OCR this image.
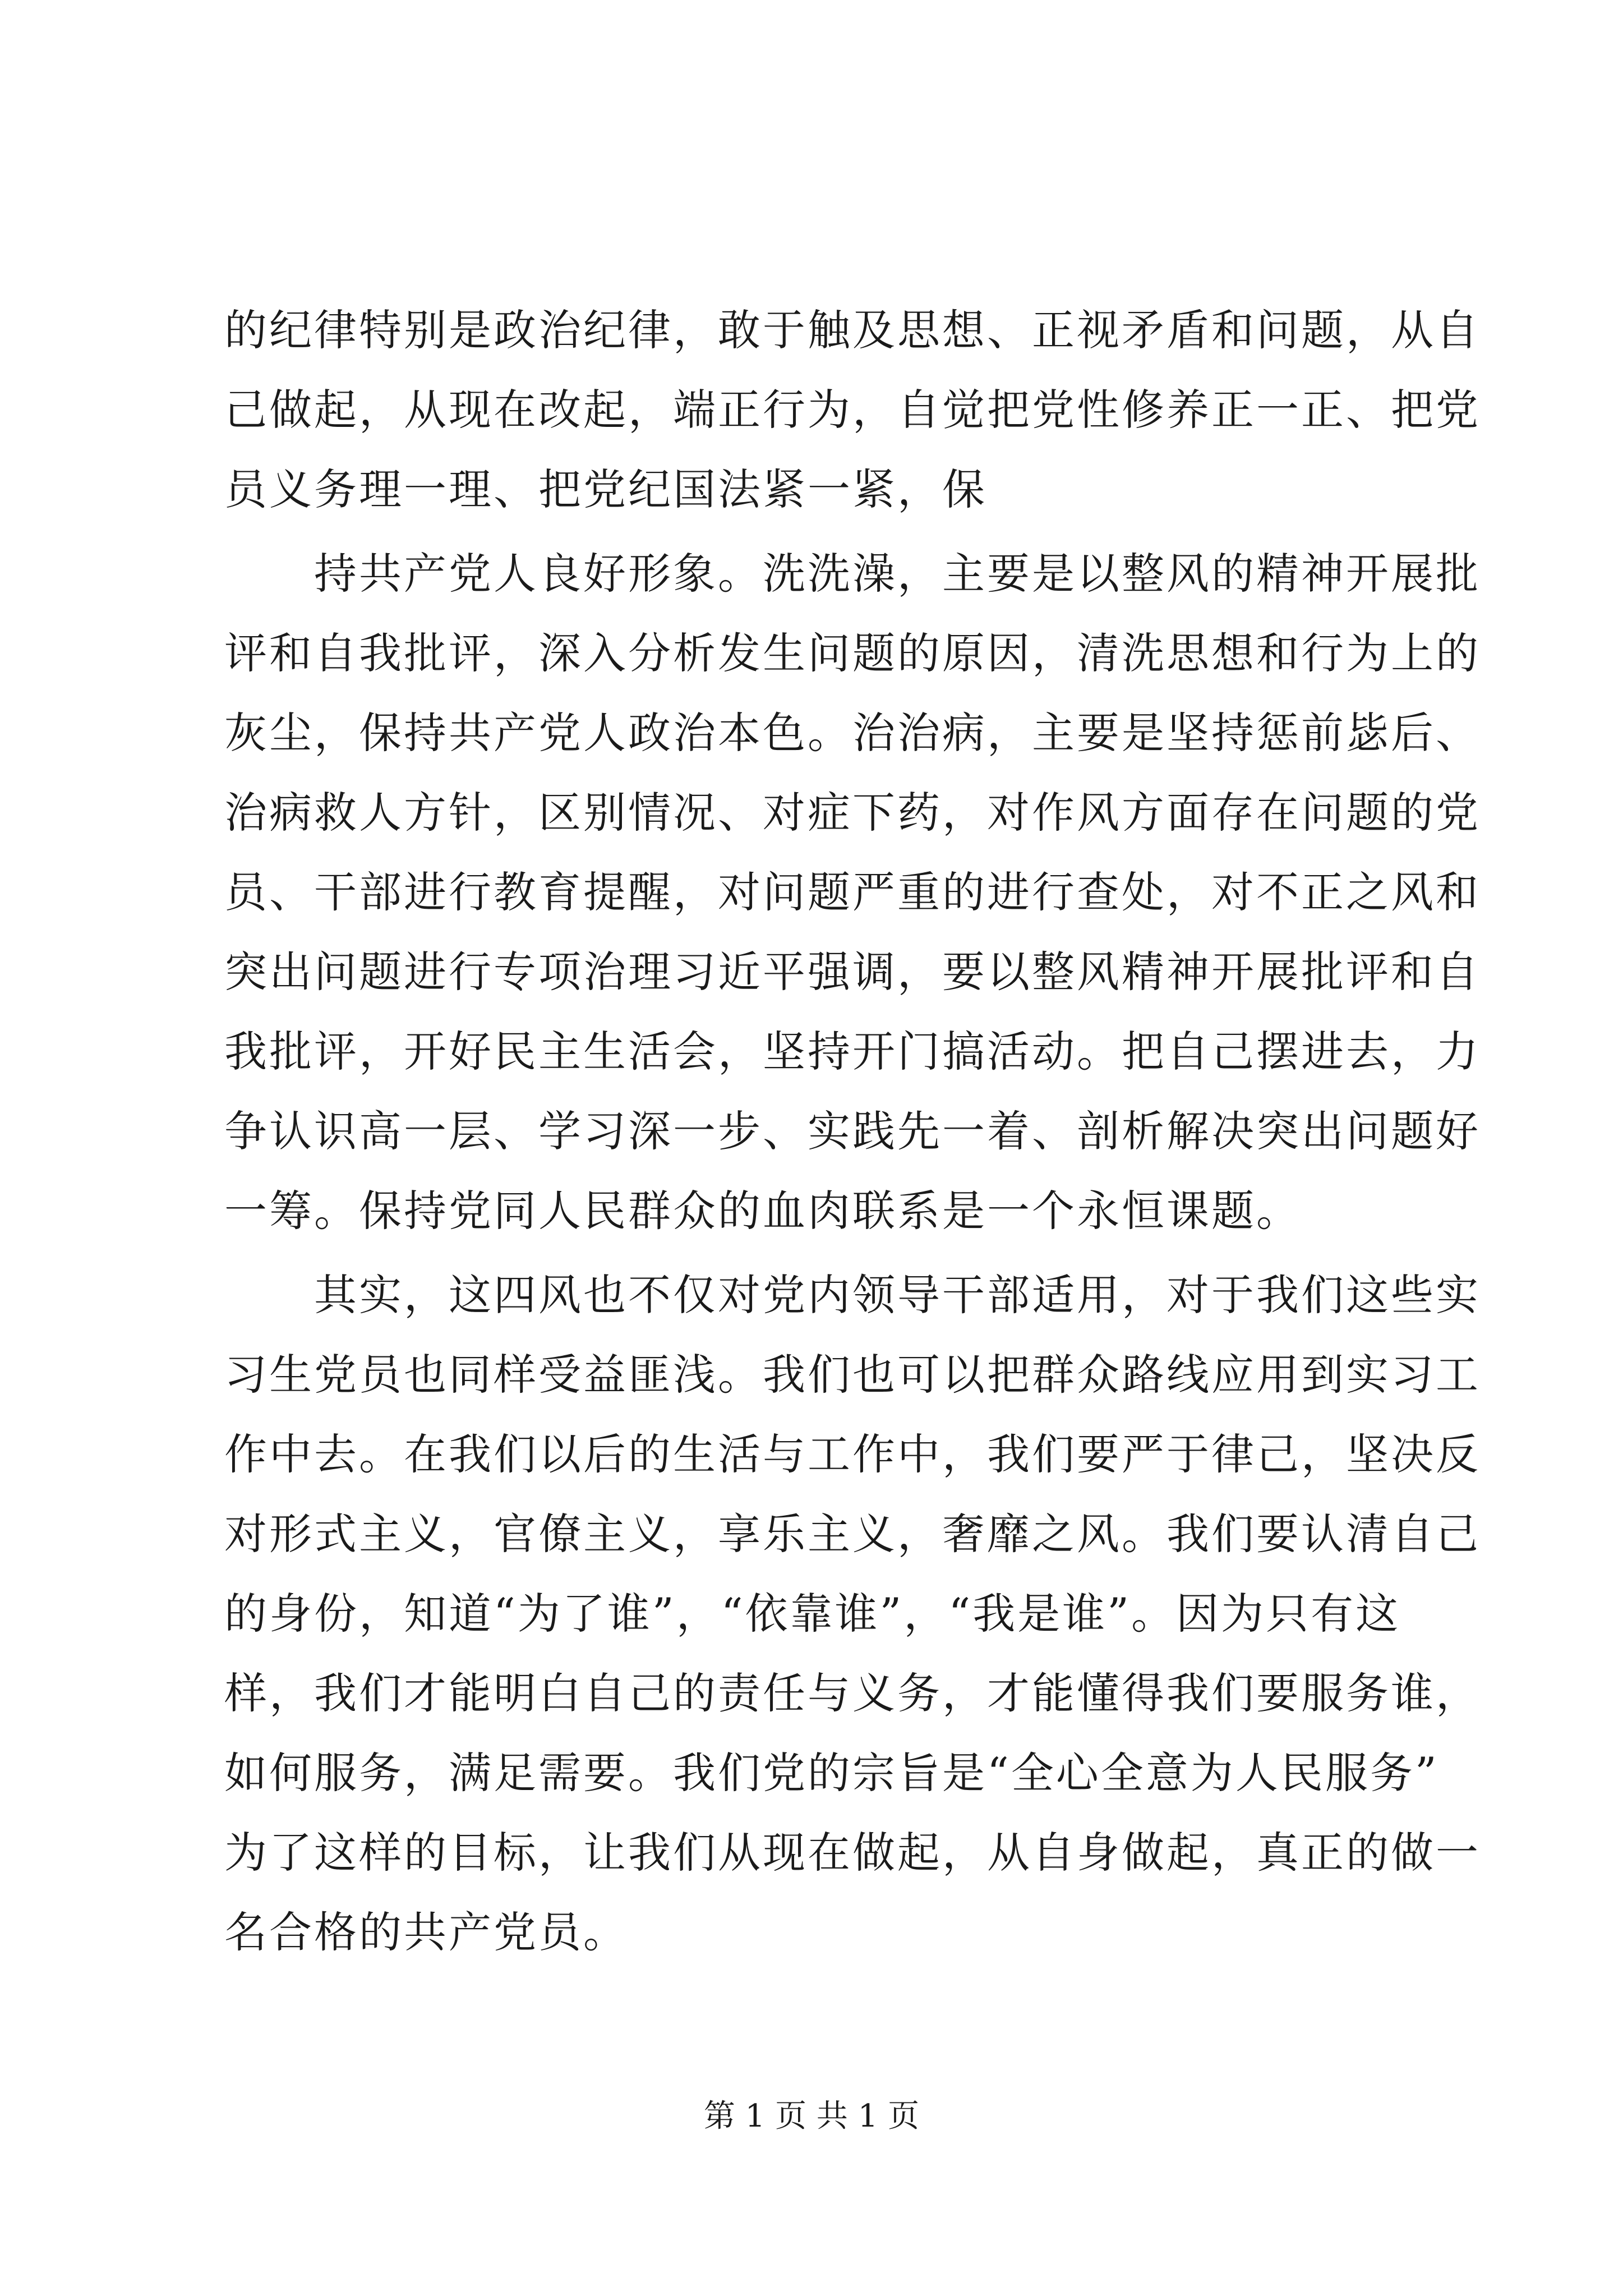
的纪律特别是政治纪律，敢于触及思想、正视矛盾和问题，从自
己做起，从现在改起，端正行为，自觉把党性修养正一正、把党
员义务理一理、把党纪国法紧一紧，保
　　持共产党人良好形象。洗洗澡，主要是以整风的精神开展批
评和自我批评，深入分析发生问题的原因，清洗思想和行为上的
灰尘，保持共产党人政治本色。治治病，主要是坚持惩前毖后、
治病救人方针，区别情况、对症下药，对作风方面存在问题的党
员、干部进行教育提醒，对问题严重的进行查处，对不正之风和
突出问题进行专项治理习近平强调，要以整风精神开展批评和自
我批评，开好民主生活会，坚持开门搞活动。把自己摆进去，力
争认识高一层、学习深一步、实践先一着、剖析解决突出问题好
一筹。保持党同人民群众的血肉联系是一个永恒课题。
　　其实，这四风也不仅对党内领导干部适用，对于我们这些实
习生党员也同样受益匪浅。我们也可以把群众路线应用到实习工
作中去。在我们以后的生活与工作中，我们要严于律己，坚决反
对形式主义，官僚主义，享乐主义，奢靡之风。我们要认清自己
的身份，知道“为了谁”，“依靠谁”，“我是谁”。因为只有这
样，我们才能明白自己的责任与义务，才能懂得我们要服务谁，
如何服务，满足需要。我们党的宗旨是“全心全意为人民服务”
为了这样的目标，让我们从现在做起，从自身做起，真正的做一
名合格的共产党员。
第 1 页 共 1 页
